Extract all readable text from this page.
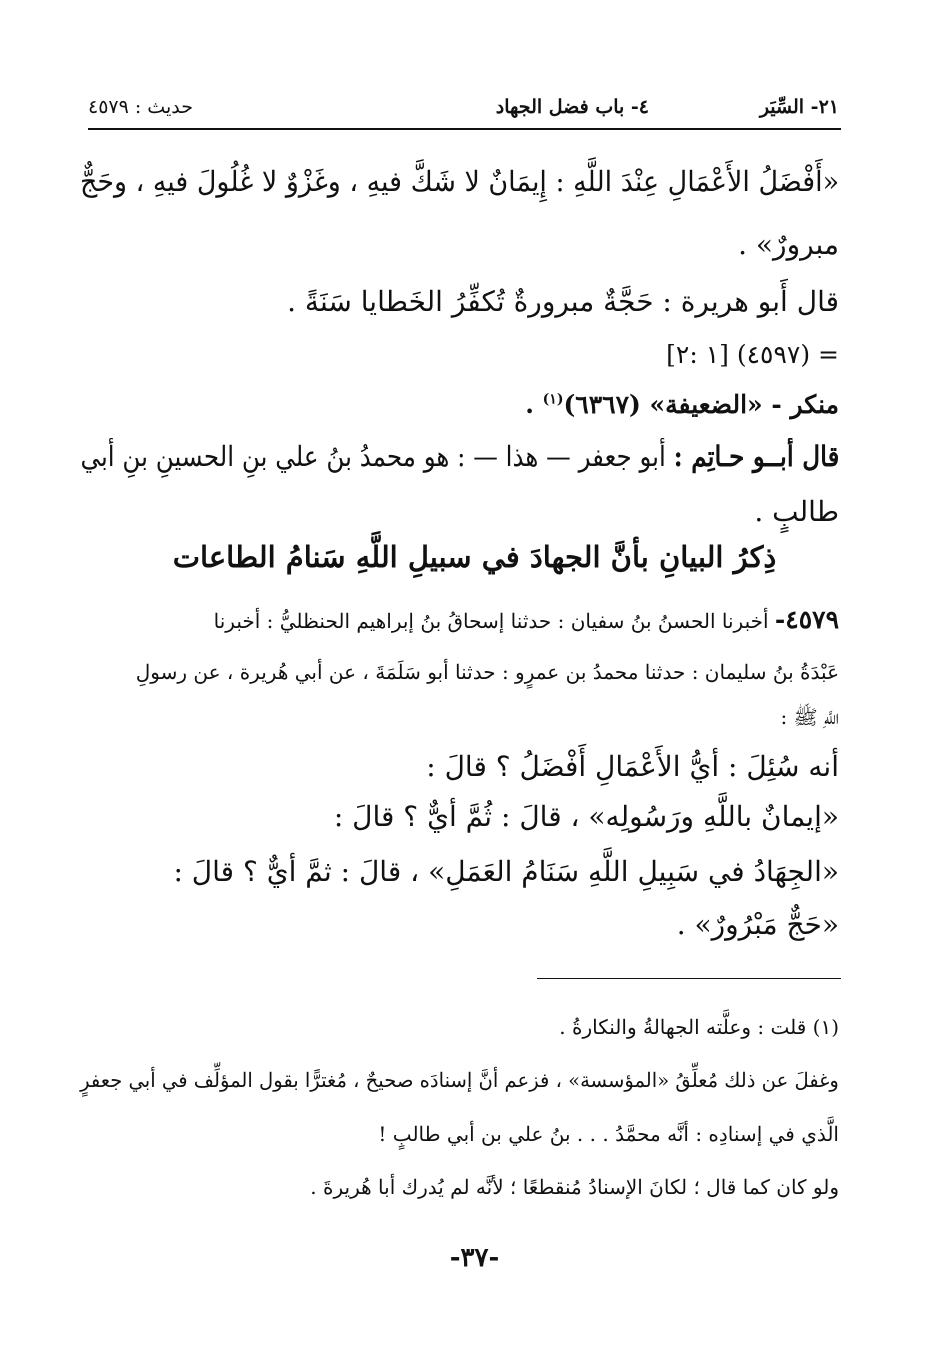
٢١- السِّيَر
٤- باب فضل الجهاد
حديث : ٤٥٧٩
«أَفْضَلُ الأَعْمَالِ عِنْدَ اللَّهِ : إِيمَانٌ لا شَكَّ فيهِ ، وغَزْوٌ لا غُلُولَ فيهِ ، وحَجٌّ
مبرورٌ» .
قال أَبو هريرة : حَجَّةٌ مبرورةٌ تُكفِّرُ الخَطايا سَنَةً .
= (٤٥٩٧) [١ :٢]
منكر - «الضعيفة» (٦٣٦٧)$^{(١)}$ .
قال أبــو حـاتِم : أبو جعفر — هذا — : هو محمدُ بنُ علي بنِ الحسينِ بنِ أبي
طالبٍ .
ذِكرُ البيانِ بأنَّ الجهادَ في سبيلِ اللَّهِ سَنامُ الطاعات
٤٥٧٩- أخبرنا الحسنُ بنُ سفيان : حدثنا إسحاقُ بنُ إبراهيم الحنظليُّ : أخبرنا
عَبْدَةُ بنُ سليمان : حدثنا محمدُ بن عمرٍو : حدثنا أبو سَلَمَةَ ، عن أبي هُريرة ، عن رسولِ
اللَّهِ ﷺ :
أنه سُئِلَ : أيُّ الأَعْمَالِ أَفْضَلُ ؟ قالَ :
«إيمانٌ باللَّهِ ورَسُولِه» ، قالَ : ثُمَّ أيٌّ ؟ قالَ :
«الجِهَادُ في سَبِيلِ اللَّهِ سَنَامُ العَمَلِ» ، قالَ : ثمَّ أيٌّ ؟ قالَ :
«حَجٌّ مَبْرُورٌ» .
(١) قلت : وعلَّته الجهالةُ والنكارةُ .
وغفلَ عن ذلك مُعلِّقُ «المؤسسة» ، فزعم أنَّ إسنادَه صحيحٌ ، مُغترًّا بقول المؤلِّف في أبي جعفرٍ
الَّذي في إسنادِه : أنَّه محمَّدُ . . . بنُ علي بن أبي طالبٍ !
ولو كان كما قال ؛ لكانَ الإسنادُ مُنقطعًا ؛ لأنَّه لم يُدرك أبا هُريرةَ .
-٣٧-
